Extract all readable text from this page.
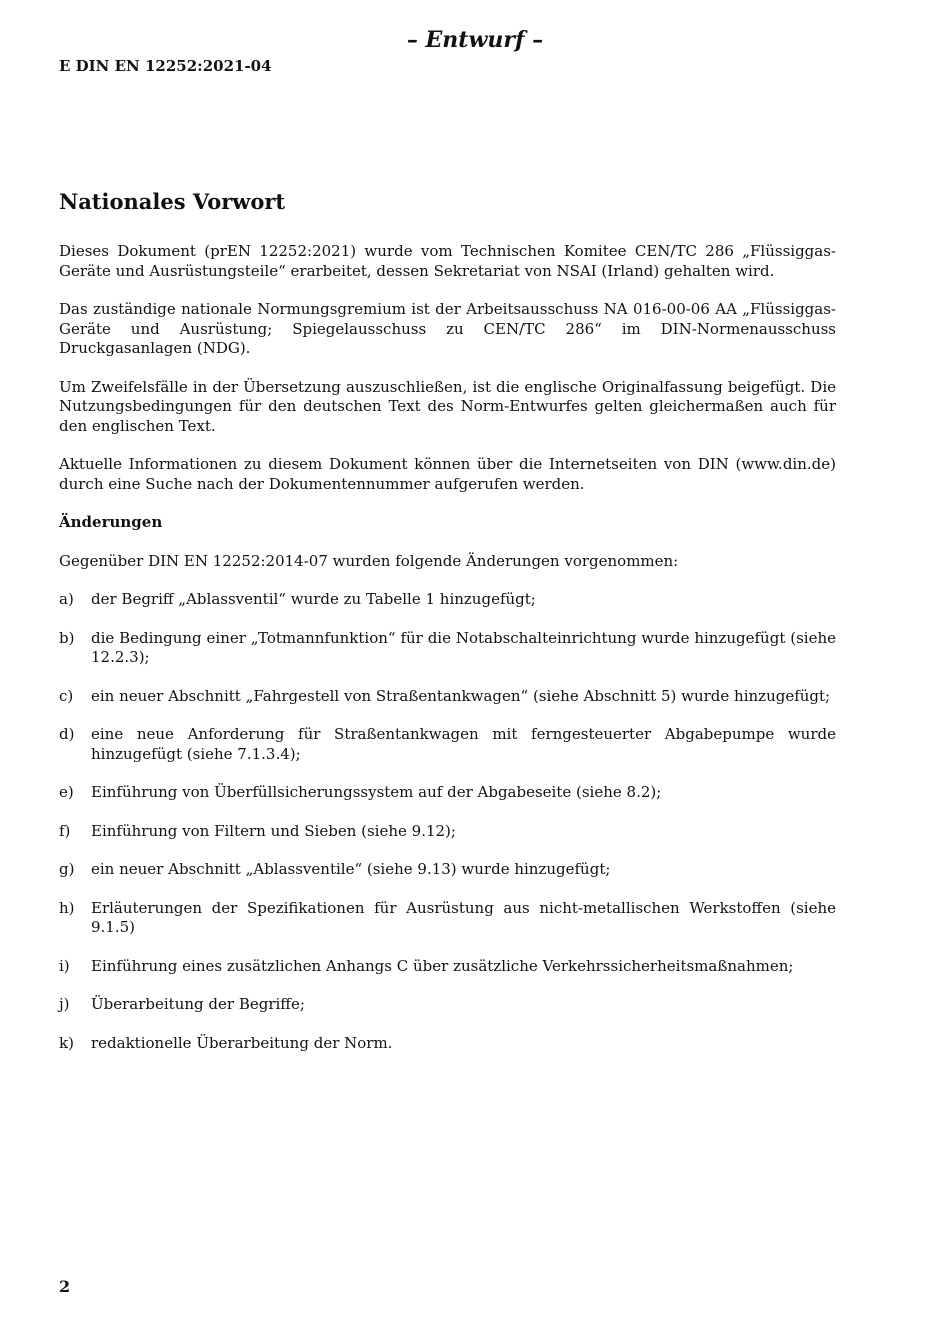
– Entwurf –
E DIN EN 12252:2021-04
Nationales Vorwort

Dieses Dokument (prEN 12252:2021) wurde vom Technischen Komitee CEN/TC 286 „Flüssiggas-Geräte und Ausrüstungsteile“ erarbeitet, dessen Sekretariat von NSAI (Irland) gehalten wird.

Das zuständige nationale Normungsgremium ist der Arbeitsausschuss NA 016-00-06 AA „Flüssiggas-Geräte und Ausrüstung; Spiegelausschuss zu CEN/TC 286“ im DIN-Normenausschuss Druckgasanlagen (NDG).

Um Zweifelsfälle in der Übersetzung auszuschließen, ist die englische Originalfassung beigefügt. Die Nutzungsbedingungen für den deutschen Text des Norm-Entwurfes gelten gleichermaßen auch für den englischen Text.

Aktuelle Informationen zu diesem Dokument können über die Internetseiten von DIN (www.din.de) durch eine Suche nach der Dokumentennummer aufgerufen werden.

Änderungen

Gegenüber DIN EN 12252:2014-07 wurden folgende Änderungen vorgenommen:

a) der Begriff „Ablassventil“ wurde zu Tabelle 1 hinzugefügt;
b) die Bedingung einer „Totmannfunktion“ für die Notabschalteinrichtung wurde hinzugefügt (siehe 12.2.3);
c) ein neuer Abschnitt „Fahrgestell von Straßentankwagen“ (siehe Abschnitt 5) wurde hinzugefügt;
d) eine neue Anforderung für Straßentankwagen mit ferngesteuerter Abgabepumpe wurde hinzugefügt (siehe 7.1.3.4);
e) Einführung von Überfüllsicherungssystem auf der Abgabeseite (siehe 8.2);
f) Einführung von Filtern und Sieben (siehe 9.12);
g) ein neuer Abschnitt „Ablassventile“ (siehe 9.13) wurde hinzugefügt;
h) Erläuterungen der Spezifikationen für Ausrüstung aus nicht-metallischen Werkstoffen (siehe 9.1.5)
i) Einführung eines zusätzlichen Anhangs C über zusätzliche Verkehrssicherheitsmaßnahmen;
j) Überarbeitung der Begriffe;
k) redaktionelle Überarbeitung der Norm.
2
